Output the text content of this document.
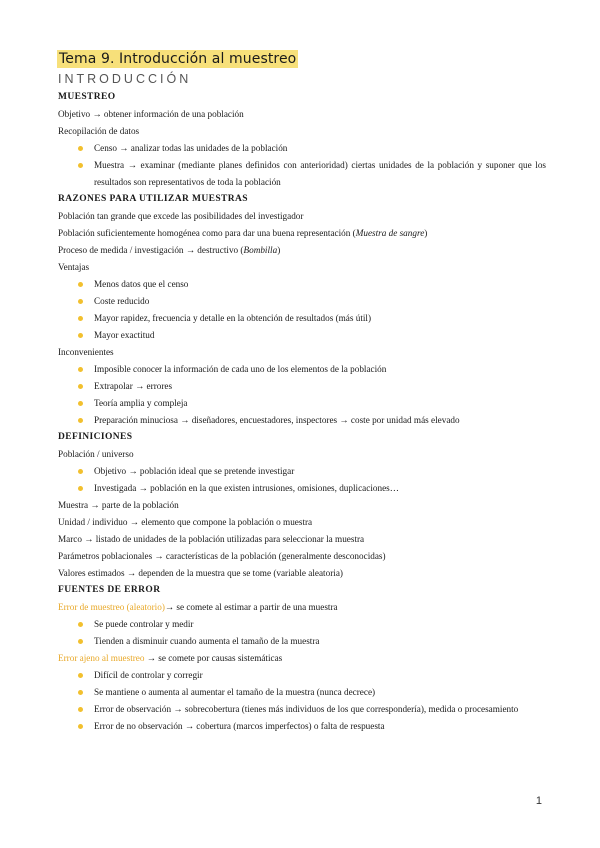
Tema 9. Introducción al muestreo
INTRODUCCIÓN

MUESTREO

Objetivo → obtener información de una población

Recopilación de datos

Censo → analizar todas las unidades de la población
Muestra → examinar (mediante planes definidos con anterioridad) ciertas unidades de la población y suponer que los resultados son representativos de toda la población

RAZONES PARA UTILIZAR MUESTRAS

Población tan grande que excede las posibilidades del investigador

Población suficientemente homogénea como para dar una buena representación (Muestra de sangre)

Proceso de medida / investigación → destructivo (Bombilla)

Ventajas

Menos datos que el censo
Coste reducido
Mayor rapidez, frecuencia y detalle en la obtención de resultados (más útil)
Mayor exactitud

Inconvenientes

Imposible conocer la información de cada uno de los elementos de la población
Extrapolar → errores
Teoría amplia y compleja
Preparación minuciosa → diseñadores, encuestadores, inspectores → coste por unidad más elevado

DEFINICIONES

Población / universo

Objetivo → población ideal que se pretende investigar
Investigada → población en la que existen intrusiones, omisiones, duplicaciones…

Muestra → parte de la población

Unidad / individuo → elemento que compone la población o muestra

Marco → listado de unidades de la población utilizadas para seleccionar la muestra

Parámetros poblacionales → características de la población (generalmente desconocidas)

Valores estimados → dependen de la muestra que se tome (variable aleatoria)

FUENTES DE ERROR

Error de muestreo (aleatorio)→ se comete al estimar a partir de una muestra

Se puede controlar y medir
Tienden a disminuir cuando aumenta el tamaño de la muestra

Error ajeno al muestreo → se comete por causas sistemáticas

Difícil de controlar y corregir
Se mantiene o aumenta al aumentar el tamaño de la muestra (nunca decrece)
Error de observación → sobrecobertura (tienes más individuos de los que correspondería), medida o procesamiento
Error de no observación → cobertura (marcos imperfectos) o falta de respuesta
1
